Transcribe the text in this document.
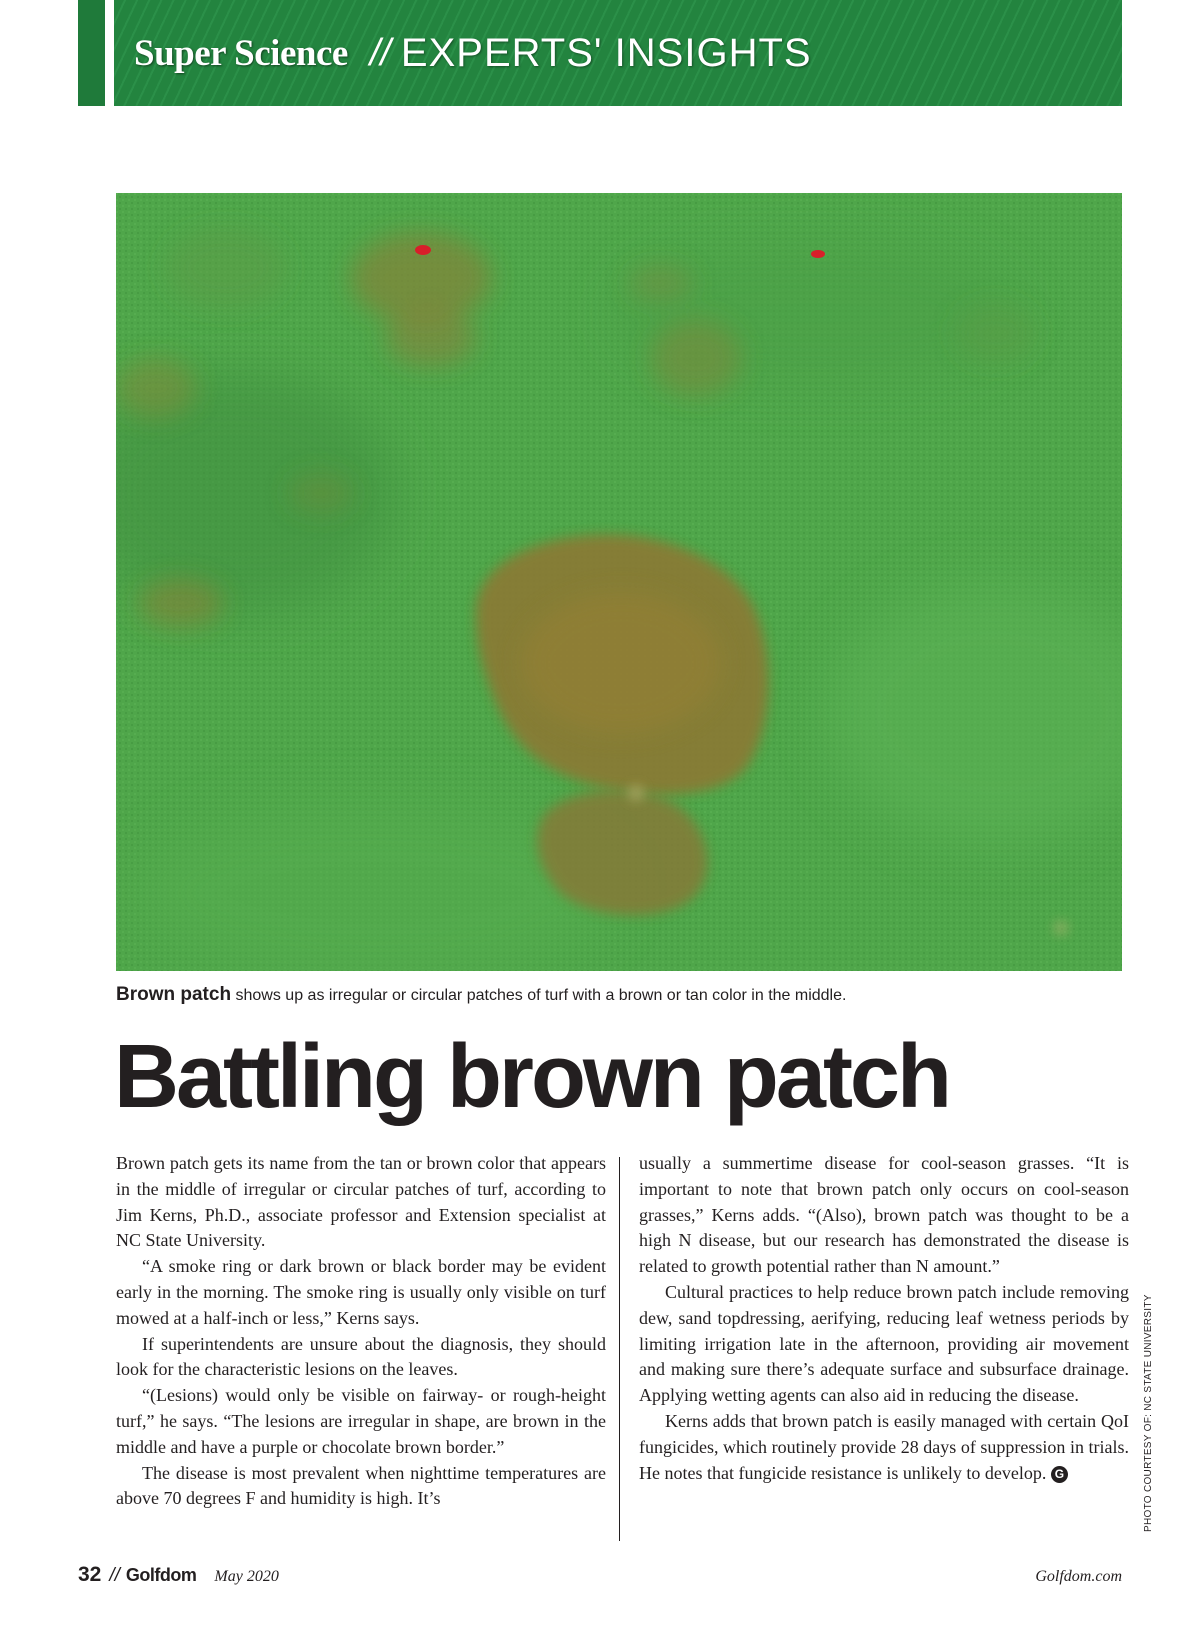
Super Science // EXPERTS' INSIGHTS
Brown patch shows up as irregular or circular patches of turf with a brown or tan color in the middle.
Battling brown patch

Brown patch gets its name from the tan or brown color that appears in the middle of irregular or circular patches of turf, according to Jim Kerns, Ph.D., associate professor and Extension specialist at NC State University.

“A smoke ring or dark brown or black border may be evident early in the morning. The smoke ring is usually only visible on turf mowed at a half-inch or less,” Kerns says.

If superintendents are unsure about the diagnosis, they should look for the characteristic lesions on the leaves.

“(Lesions) would only be visible on fairway- or rough-height turf,” he says. “The lesions are irregular in shape, are brown in the middle and have a purple or chocolate brown border.”

The disease is most prevalent when nighttime temperatures are above 70 degrees F and humidity is high. It’s

usually a summertime disease for cool-season grasses. “It is important to note that brown patch only occurs on cool-season grasses,” Kerns adds. “(Also), brown patch was thought to be a high N disease, but our research has demonstrated the disease is related to growth potential rather than N amount.”

Cultural practices to help reduce brown patch include removing dew, sand topdressing, aerifying, reducing leaf wetness periods by limiting irrigation late in the afternoon, providing air movement and making sure there’s adequate surface and subsurface drainage. Applying wetting agents can also aid in reducing the disease.

Kerns adds that brown patch is easily managed with certain QoI fungicides, which routinely provide 28 days of suppression in trials. He notes that fungicide resistance is unlikely to develop. G	PHOTO COURTESY OF: NC STATE UNIVERSITY
32 // Golfdom May 2020	Golfdom.com
